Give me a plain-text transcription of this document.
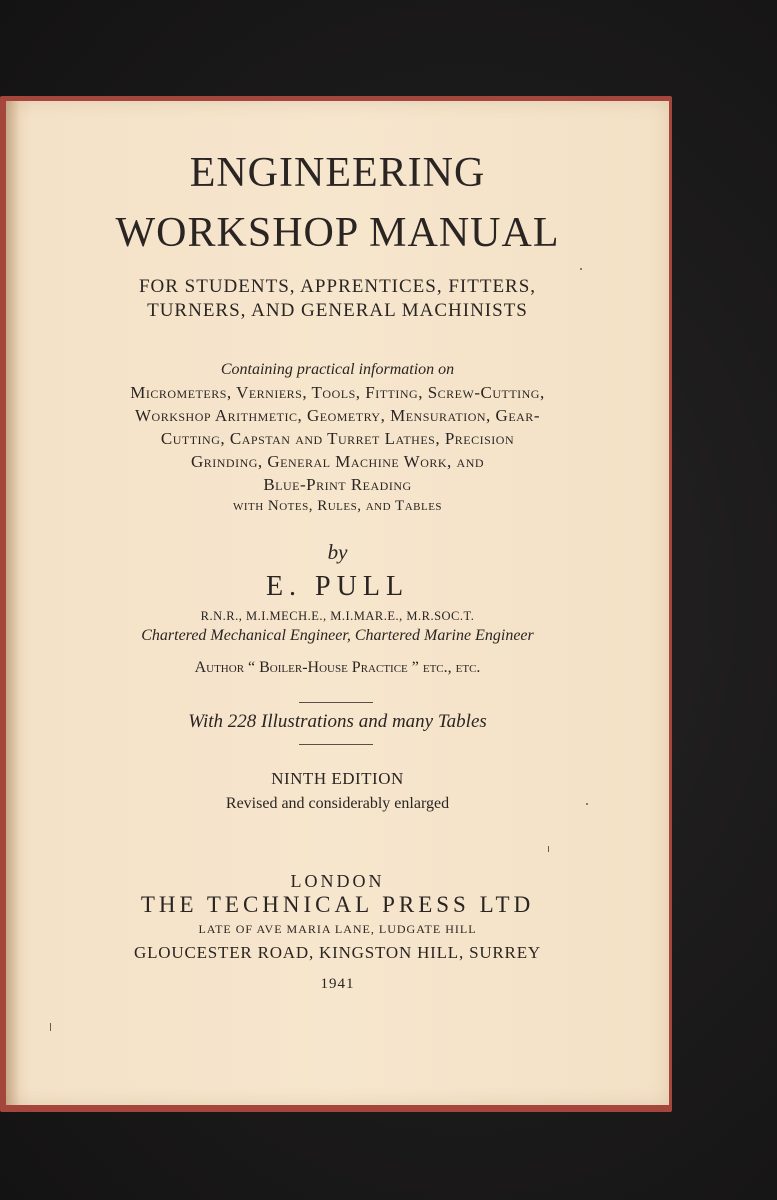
ENGINEERING
WORKSHOP MANUAL
FOR STUDENTS, APPRENTICES, FITTERS,
TURNERS, AND GENERAL MACHINISTS
Containing practical information on
Micrometers, Verniers, Tools, Fitting, Screw-Cutting,
Workshop Arithmetic, Geometry, Mensuration, Gear-
Cutting, Capstan and Turret Lathes, Precision
Grinding, General Machine Work, and
Blue-Print Reading
with Notes, Rules, and Tables
by
E. PULL
R.N.R., M.I.MECH.E., M.I.MAR.E., M.R.SOC.T.
Chartered Mechanical Engineer, Chartered Marine Engineer
Author “ Boiler-House Practice ” etc., etc.
With 228 Illustrations and many Tables
NINTH EDITION
Revised and considerably enlarged
LONDON
THE TECHNICAL PRESS LTD
LATE OF AVE MARIA LANE, LUDGATE HILL
GLOUCESTER ROAD, KINGSTON HILL, SURREY
1941
